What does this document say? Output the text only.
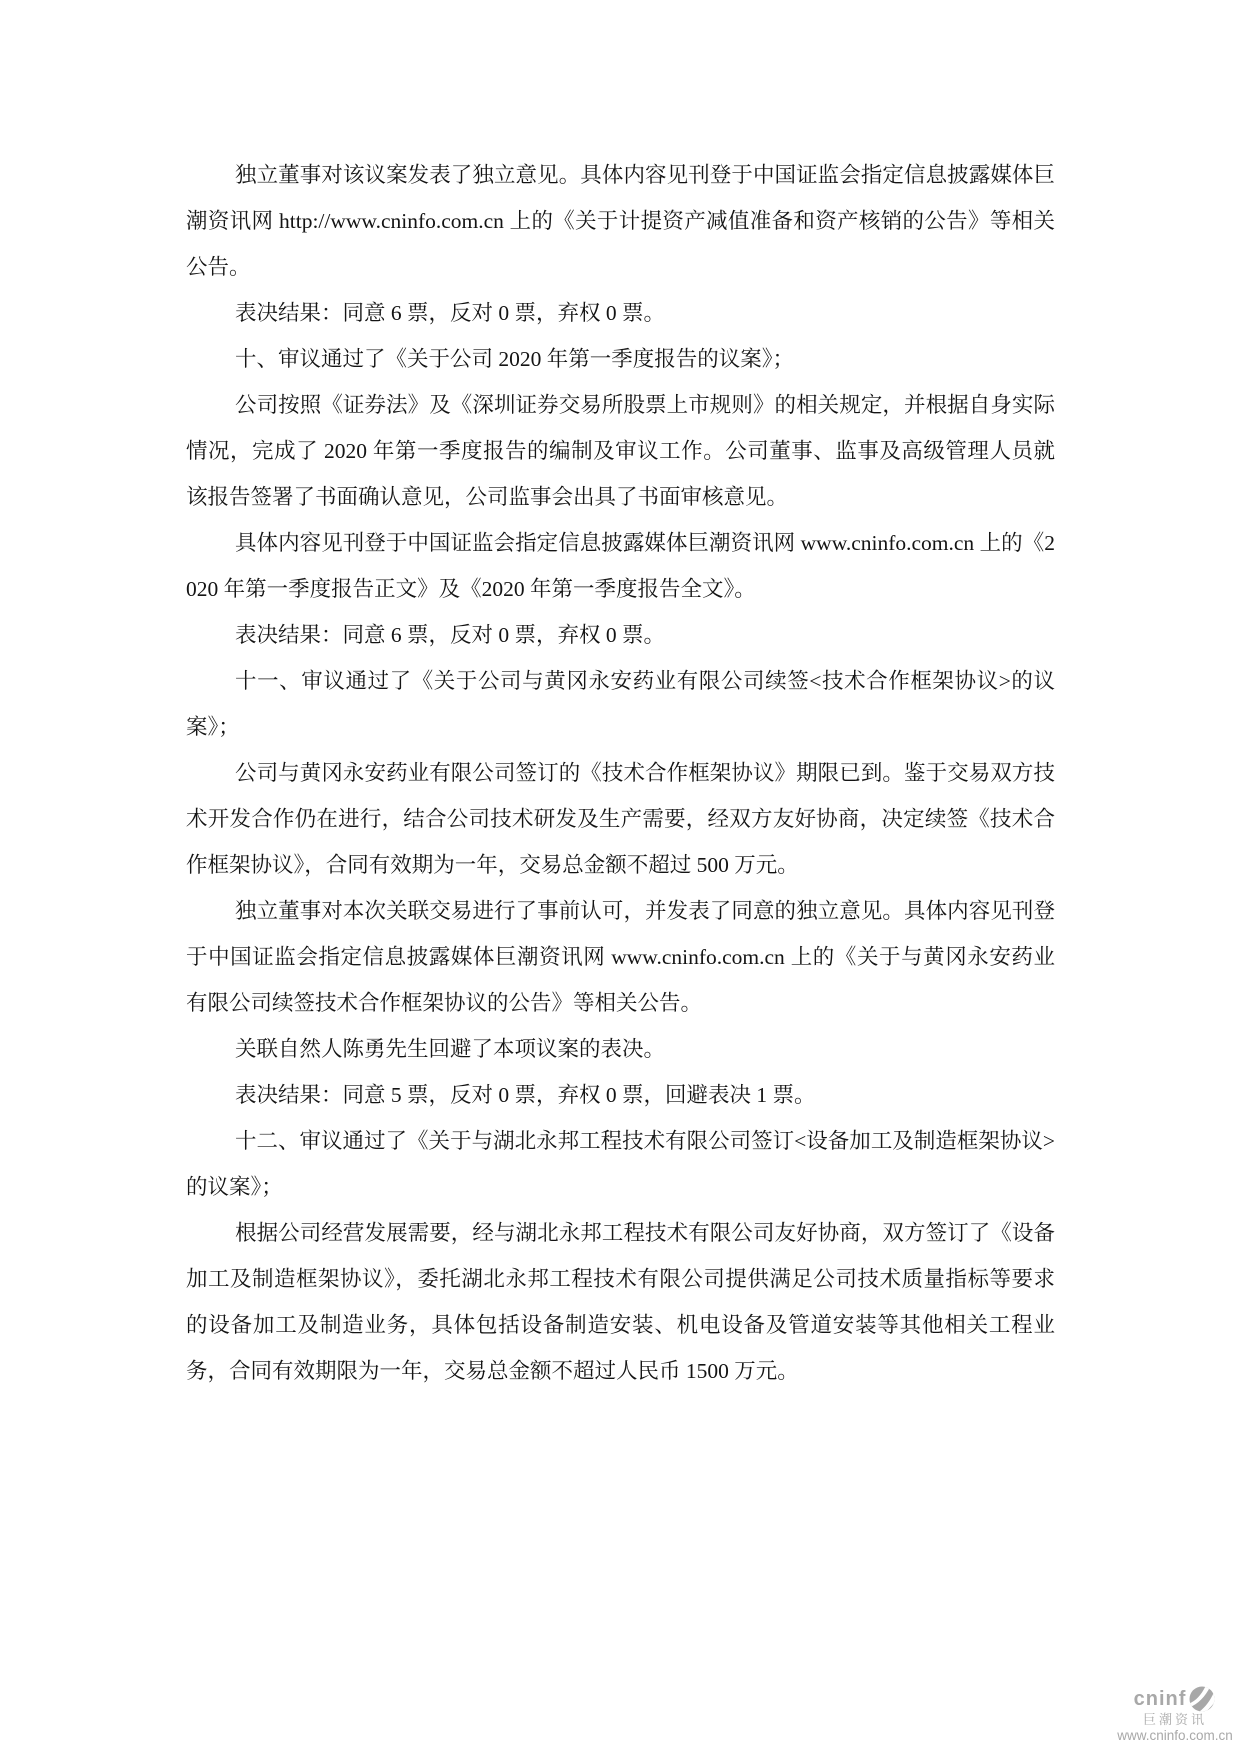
独立董事对该议案发表了独立意见。具体内容见刊登于中国证监会指定信息披露媒体巨潮资讯网 http://www.cninfo.com.cn 上的《关于计提资产减值准备和资产核销的公告》等相关公告。

表决结果：同意 6 票，反对 0 票，弃权 0 票。

十、审议通过了《关于公司 2020 年第一季度报告的议案》；

公司按照《证券法》及《深圳证券交易所股票上市规则》的相关规定，并根据自身实际情况，完成了 2020 年第一季度报告的编制及审议工作。公司董事、监事及高级管理人员就该报告签署了书面确认意见，公司监事会出具了书面审核意见。

具体内容见刊登于中国证监会指定信息披露媒体巨潮资讯网 www.cninfo.com.cn 上的《2020 年第一季度报告正文》及《2020 年第一季度报告全文》。

表决结果：同意 6 票，反对 0 票，弃权 0 票。

十一、审议通过了《关于公司与黄冈永安药业有限公司续签<技术合作框架协议>的议案》；

公司与黄冈永安药业有限公司签订的《技术合作框架协议》期限已到。鉴于交易双方技术开发合作仍在进行，结合公司技术研发及生产需要，经双方友好协商，决定续签《技术合作框架协议》，合同有效期为一年，交易总金额不超过 500 万元。

独立董事对本次关联交易进行了事前认可，并发表了同意的独立意见。具体内容见刊登于中国证监会指定信息披露媒体巨潮资讯网 www.cninfo.com.cn 上的《关于与黄冈永安药业有限公司续签技术合作框架协议的公告》等相关公告。

关联自然人陈勇先生回避了本项议案的表决。

表决结果：同意 5 票，反对 0 票，弃权 0 票，回避表决 1 票。

十二、审议通过了《关于与湖北永邦工程技术有限公司签订<设备加工及制造框架协议>的议案》；

根据公司经营发展需要，经与湖北永邦工程技术有限公司友好协商，双方签订了《设备加工及制造框架协议》，委托湖北永邦工程技术有限公司提供满足公司技术质量指标等要求的设备加工及制造业务，具体包括设备制造安装、机电设备及管道安装等其他相关工程业务，合同有效期限为一年，交易总金额不超过人民币 1500 万元。

cninf
巨潮资讯
www.cninfo.com.cn
